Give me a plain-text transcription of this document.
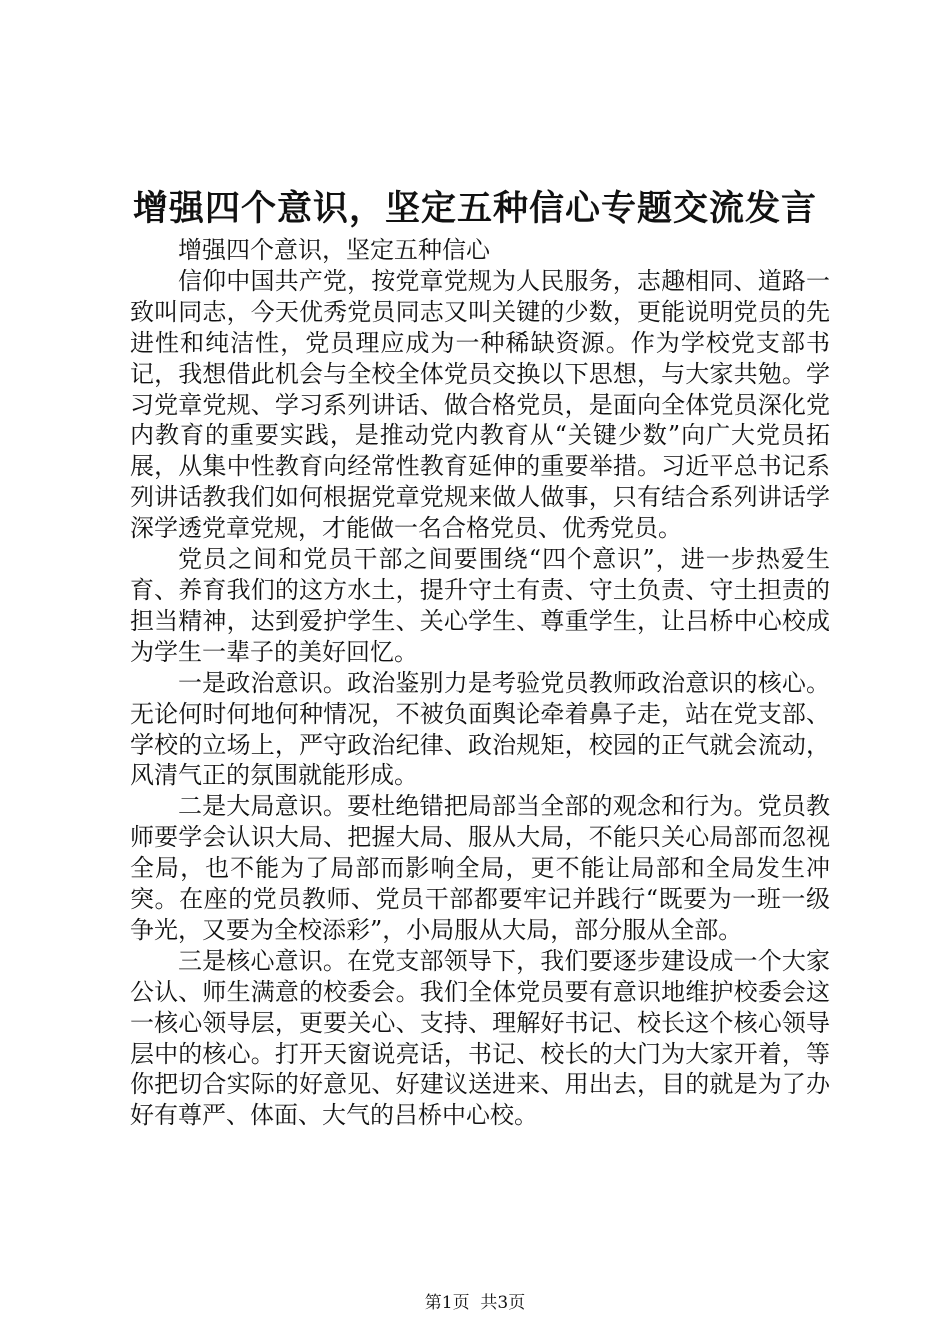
增强四个意识，坚定五种信心专题交流发言

增强四个意识，坚定五种信心

信仰中国共产党，按党章党规为人民服务，志趣相同、道路一致叫同志，今天优秀党员同志又叫关键的少数，更能说明党员的先进性和纯洁性，党员理应成为一种稀缺资源。作为学校党支部书记，我想借此机会与全校全体党员交换以下思想，与大家共勉。学习党章党规、学习系列讲话、做合格党员，是面向全体党员深化党内教育的重要实践，是推动党内教育从“关键少数”向广大党员拓展，从集中性教育向经常性教育延伸的重要举措。习近平总书记系列讲话教我们如何根据党章党规来做人做事，只有结合系列讲话学深学透党章党规，才能做一名合格党员、优秀党员。

党员之间和党员干部之间要围绕“四个意识”，进一步热爱生育、养育我们的这方水土，提升守土有责、守土负责、守土担责的担当精神，达到爱护学生、关心学生、尊重学生，让吕桥中心校成为学生一辈子的美好回忆。

一是政治意识。政治鉴别力是考验党员教师政治意识的核心。无论何时何地何种情况，不被负面舆论牵着鼻子走，站在党支部、学校的立场上，严守政治纪律、政治规矩，校园的正气就会流动，风清气正的氛围就能形成。

二是大局意识。要杜绝错把局部当全部的观念和行为。党员教师要学会认识大局、把握大局、服从大局，不能只关心局部而忽视全局，也不能为了局部而影响全局，更不能让局部和全局发生冲突。在座的党员教师、党员干部都要牢记并践行“既要为一班一级争光，又要为全校添彩”，小局服从大局，部分服从全部。

三是核心意识。在党支部领导下，我们要逐步建设成一个大家公认、师生满意的校委会。我们全体党员要有意识地维护校委会这一核心领导层，更要关心、支持、理解好书记、校长这个核心领导层中的核心。打开天窗说亮话，书记、校长的大门为大家开着，等你把切合实际的好意见、好建议送进来、用出去，目的就是为了办好有尊严、体面、大气的吕桥中心校。

第1页 共3页
